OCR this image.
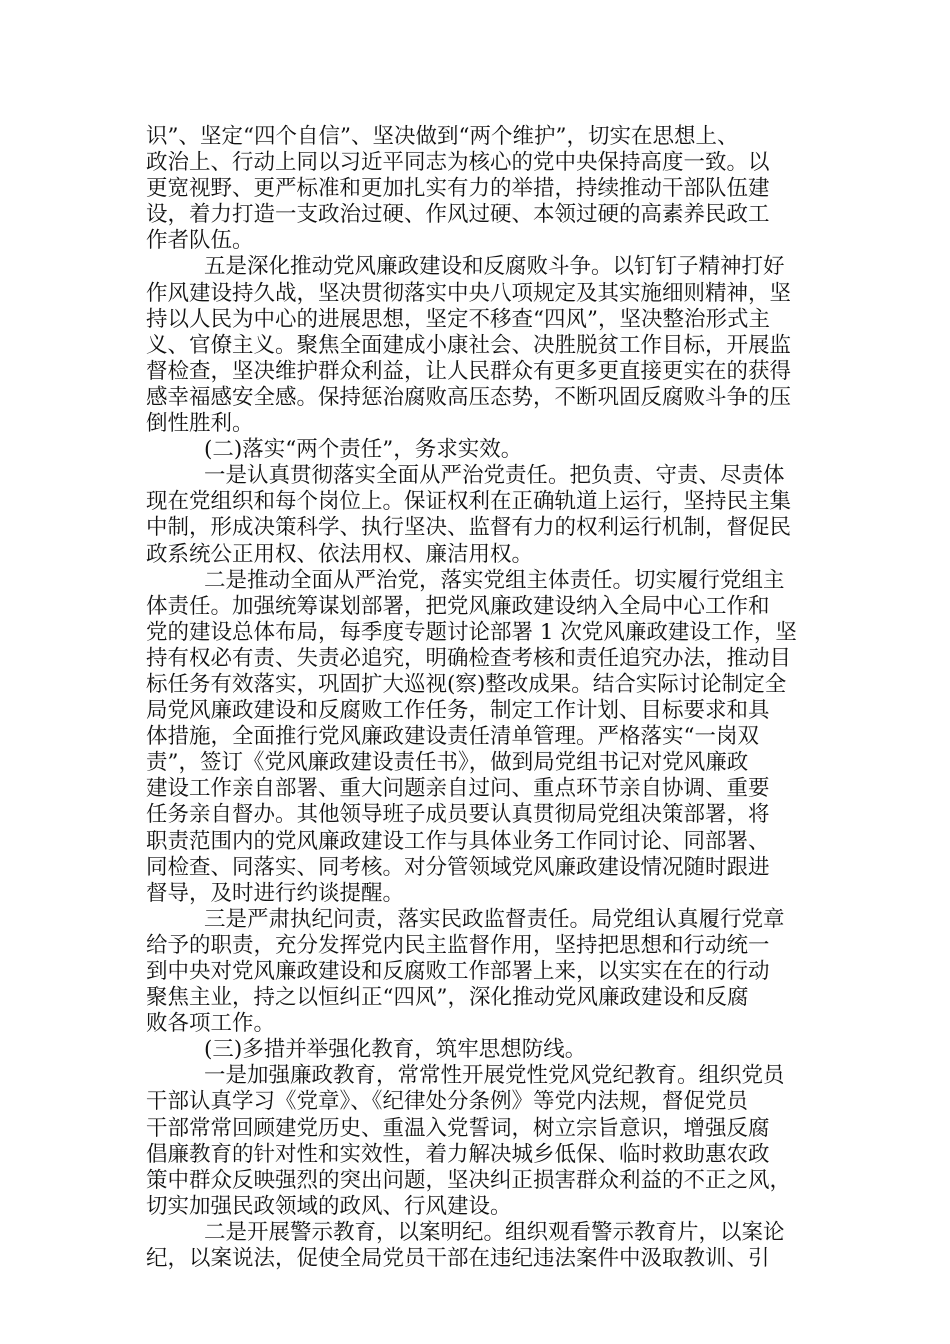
识”、坚定“四个自信”、坚决做到“两个维护”，切实在思想上、
政治上、行动上同以习近平同志为核心的党中央保持高度一致。以
更宽视野、更严标准和更加扎实有力的举措，持续推动干部队伍建
设，着力打造一支政治过硬、作风过硬、本领过硬的高素养民政工
作者队伍。
五是深化推动党风廉政建设和反腐败斗争。以钉钉子精神打好
作风建设持久战，坚决贯彻落实中央八项规定及其实施细则精神，坚
持以人民为中心的进展思想，坚定不移查“四风”，坚决整治形式主
义、官僚主义。聚焦全面建成小康社会、决胜脱贫工作目标，开展监
督检查，坚决维护群众利益，让人民群众有更多更直接更实在的获得
感幸福感安全感。保持惩治腐败高压态势，不断巩固反腐败斗争的压
倒性胜利。
(二)落实“两个责任”，务求实效。
一是认真贯彻落实全面从严治党责任。把负责、守责、尽责体
现在党组织和每个岗位上。保证权利在正确轨道上运行，坚持民主集
中制，形成决策科学、执行坚决、监督有力的权利运行机制，督促民
政系统公正用权、依法用权、廉洁用权。
二是推动全面从严治党，落实党组主体责任。切实履行党组主
体责任。加强统筹谋划部署，把党风廉政建设纳入全局中心工作和
党的建设总体布局，每季度专题讨论部署 1 次党风廉政建设工作，坚
持有权必有责、失责必追究，明确检查考核和责任追究办法，推动目
标任务有效落实，巩固扩大巡视(察)整改成果。结合实际讨论制定全
局党风廉政建设和反腐败工作任务，制定工作计划、目标要求和具
体措施，全面推行党风廉政建设责任清单管理。严格落实“一岗双
责”，签订《党风廉政建设责任书》，做到局党组书记对党风廉政
建设工作亲自部署、重大问题亲自过问、重点环节亲自协调、重要
任务亲自督办。其他领导班子成员要认真贯彻局党组决策部署，将
职责范围内的党风廉政建设工作与具体业务工作同讨论、同部署、
同检查、同落实、同考核。对分管领域党风廉政建设情况随时跟进
督导，及时进行约谈提醒。
三是严肃执纪问责，落实民政监督责任。局党组认真履行党章
给予的职责，充分发挥党内民主监督作用，坚持把思想和行动统一
到中央对党风廉政建设和反腐败工作部署上来，以实实在在的行动
聚焦主业，持之以恒纠正“四风”，深化推动党风廉政建设和反腐
败各项工作。
(三)多措并举强化教育，筑牢思想防线。
一是加强廉政教育，常常性开展党性党风党纪教育。组织党员
干部认真学习《党章》、《纪律处分条例》等党内法规，督促党员
干部常常回顾建党历史、重温入党誓词，树立宗旨意识，增强反腐
倡廉教育的针对性和实效性，着力解决城乡低保、临时救助惠农政
策中群众反映强烈的突出问题，坚决纠正损害群众利益的不正之风，
切实加强民政领域的政风、行风建设。
二是开展警示教育，以案明纪。组织观看警示教育片，以案论
纪，以案说法，促使全局党员干部在违纪违法案件中汲取教训、引
